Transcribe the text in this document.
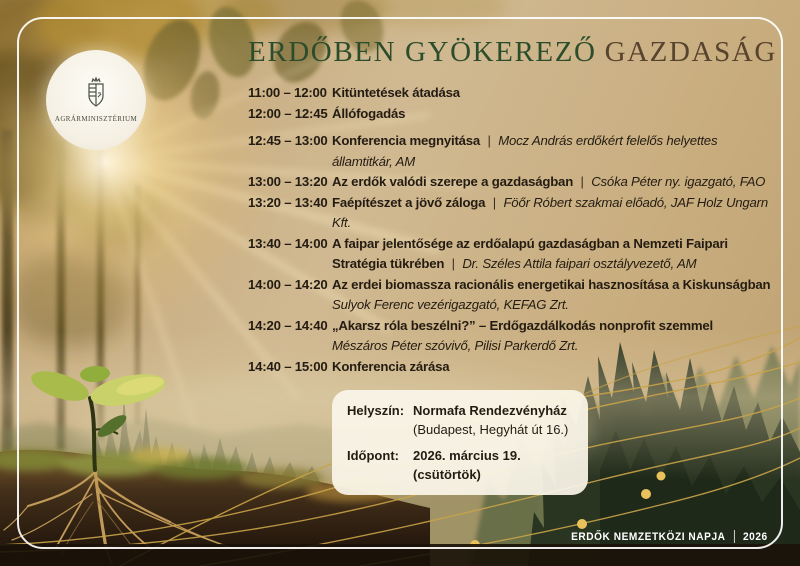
AGRÁRMINISZTÉRIUM
ERDŐBEN GYÖKEREZŐ GAZDASÁG
11:00 – 12:00 Kitüntetések átadása
12:00 – 12:45 Állófogadás
12:45 – 13:00 Konferencia megnyitása | Mocz András erdőkért felelős helyettes államtitkár, AM
13:00 – 13:20 Az erdők valódi szerepe a gazdaságban | Csóka Péter ny. igazgató, FAO
13:20 – 13:40 Faépítészet a jövő záloga | Föőr Róbert szakmai előadó, JAF Holz Ungarn Kft.
13:40 – 14:00 A faipar jelentősége az erdőalapú gazdaságban a Nemzeti Faipari Stratégia tükrében | Dr. Széles Attila faipari osztályvezető, AM
14:00 – 14:20 Az erdei biomassza racionális energetikai hasznosítása a Kiskunságban
Sulyok Ferenc vezérigazgató, KEFAG Zrt.
14:20 – 14:40 „Akarsz róla beszélni?” – Erdőgazdálkodás nonprofit szemmel
Mészáros Péter szóvivő, Pilisi Parkerdő Zrt.
14:40 – 15:00 Konferencia zárása
Helyszín: Normafa Rendezvényház
(Budapest, Hegyhát út 16.)
Időpont:	2026. március 19. (csütörtök)
ERDŐK NEMZETKÖZI NAPJA 2026
